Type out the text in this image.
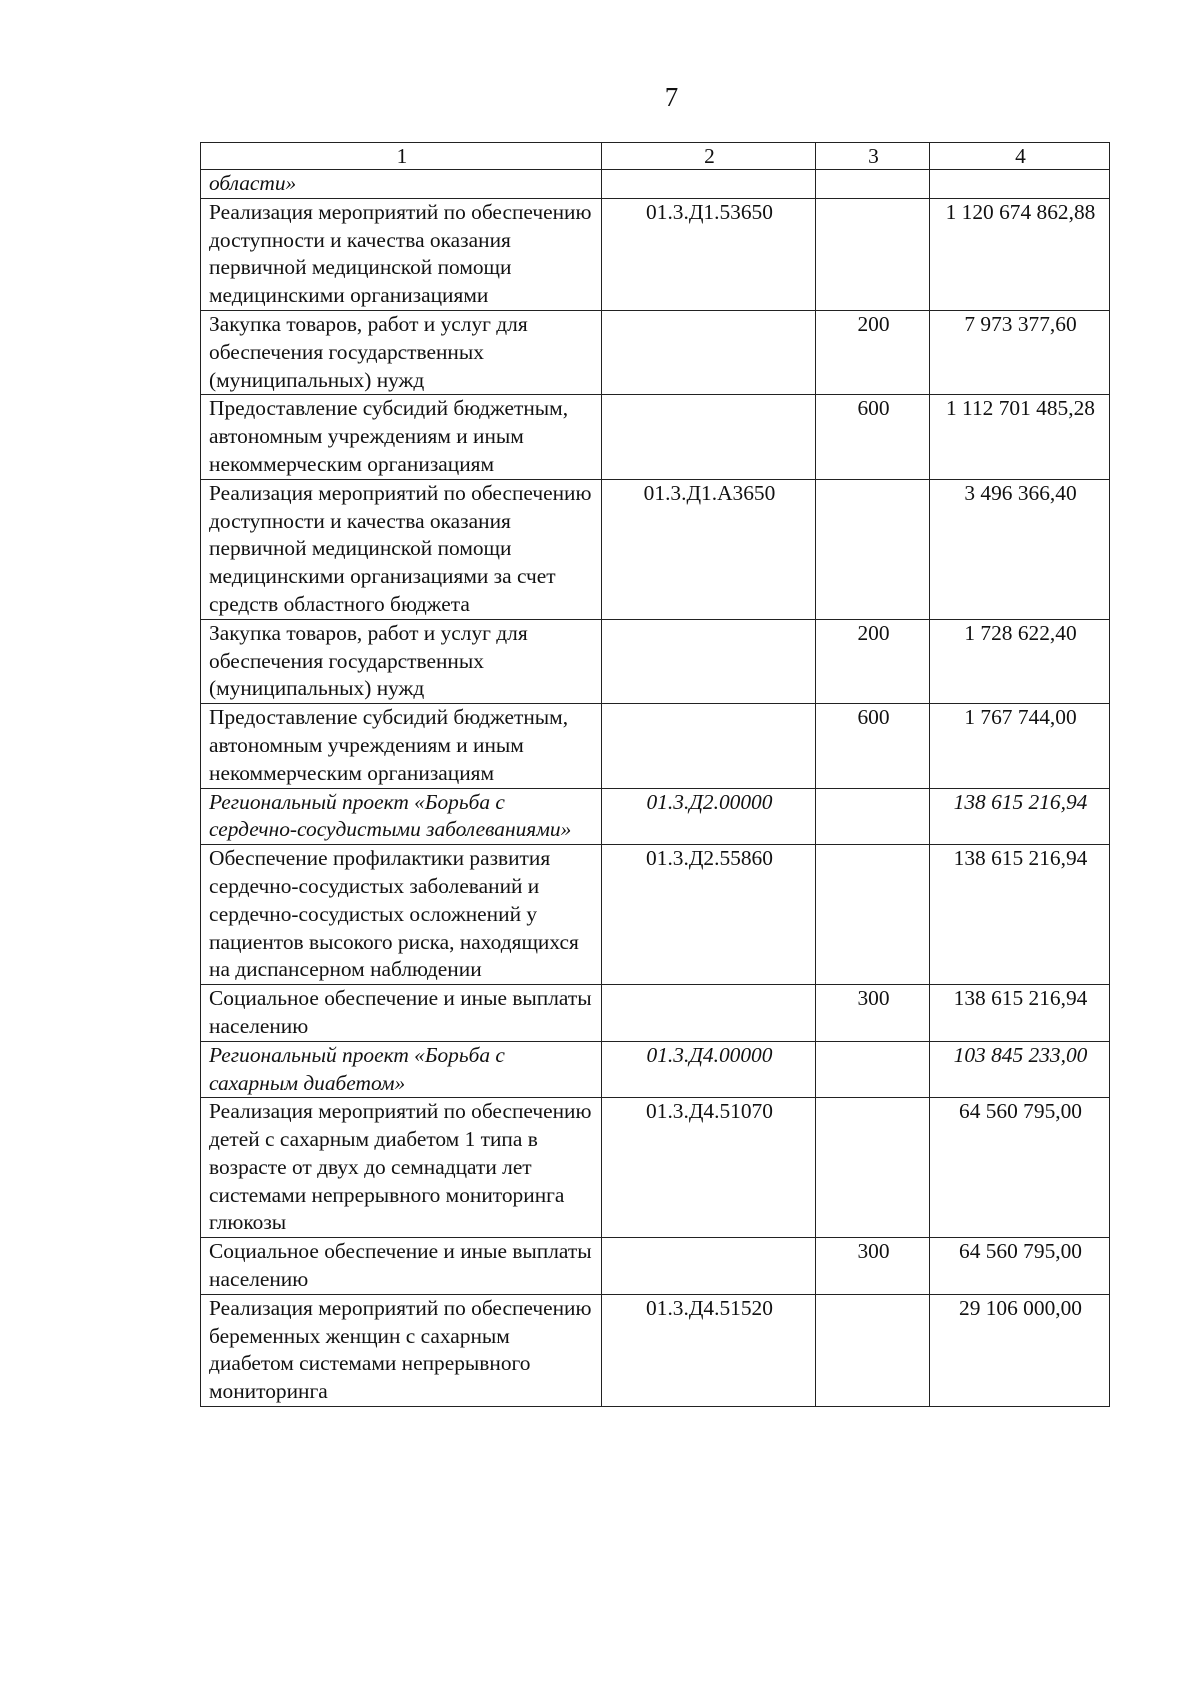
7
1	2	3	4
области»			
Реализация мероприятий по обеспечению доступности и качества оказания первичной медицинской помощи медицинскими организациями	01.3.Д1.53650		1 120 674 862,88
Закупка товаров, работ и услуг для обеспечения государственных (муниципальных) нужд		200	7 973 377,60
Предоставление субсидий бюджетным, автономным учреждениям и иным некоммерческим организациям		600	1 112 701 485,28
Реализация мероприятий по обеспечению доступности и качества оказания первичной медицинской помощи медицинскими организациями за счет средств областного бюджета	01.3.Д1.А3650		3 496 366,40
Закупка товаров, работ и услуг для обеспечения государственных (муниципальных) нужд		200	1 728 622,40
Предоставление субсидий бюджетным, автономным учреждениям и иным некоммерческим организациям		600	1 767 744,00
Региональный проект «Борьба с сердечно-сосудистыми заболеваниями»	01.3.Д2.00000		138 615 216,94
Обеспечение профилактики развития сердечно-сосудистых заболеваний и сердечно-сосудистых осложнений у пациентов высокого риска, находящихся на диспансерном наблюдении	01.3.Д2.55860		138 615 216,94
Социальное обеспечение и иные выплаты населению		300	138 615 216,94
Региональный проект «Борьба с сахарным диабетом»	01.3.Д4.00000		103 845 233,00
Реализация мероприятий по обеспечению детей с сахарным диабетом 1 типа в возрасте от двух до семнадцати лет системами непрерывного мониторинга глюкозы	01.3.Д4.51070		64 560 795,00
Социальное обеспечение и иные выплаты населению		300	64 560 795,00
Реализация мероприятий по обеспечению беременных женщин с сахарным диабетом системами непрерывного мониторинга	01.3.Д4.51520		29 106 000,00
